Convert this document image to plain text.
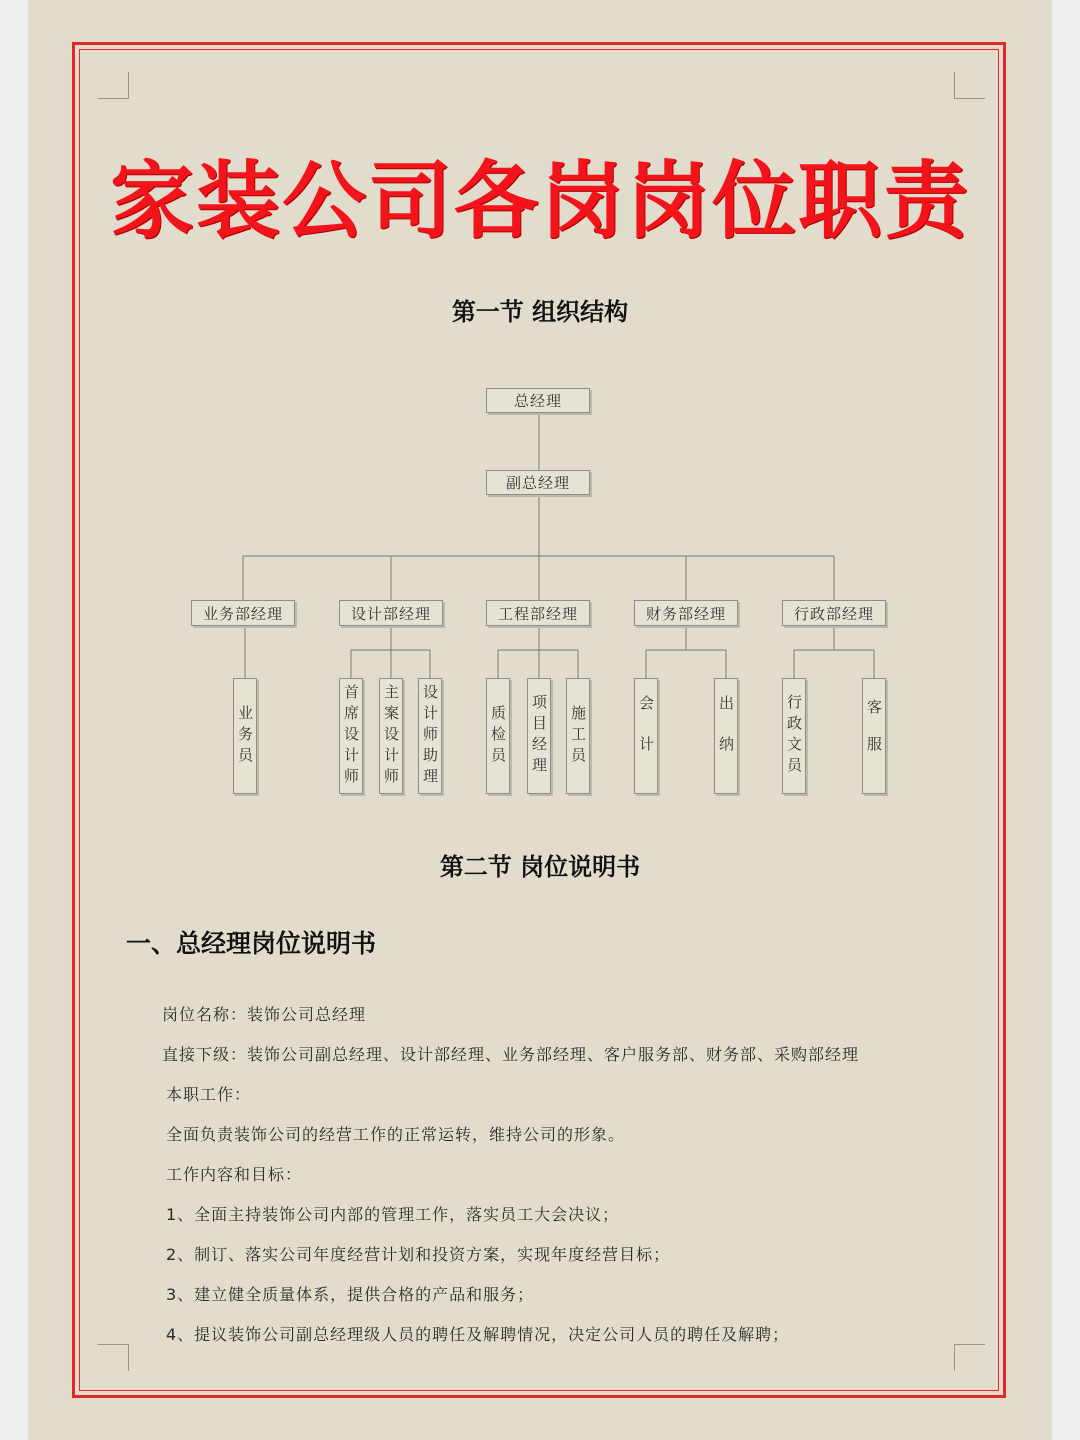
家装公司各岗岗位职责
第一节 组织结构
总经理
副总经理
业务部经理	设计部经理	工程部经理	财务部经理	行政部经理
业务员	首席设计师 主案设计师 设计师助理	质检员 项目经理 施工员	会计	出纳	行政文员	客服
第二节 岗位说明书
一、总经理岗位说明书
岗位名称：装饰公司总经理
直接下级：装饰公司副总经理、设计部经理、业务部经理、客户服务部、财务部、采购部经理
本职工作：
全面负责装饰公司的经营工作的正常运转，维持公司的形象。
工作内容和目标：
1、全面主持装饰公司内部的管理工作，落实员工大会决议；
2、制订、落实公司年度经营计划和投资方案，实现年度经营目标；
3、建立健全质量体系，提供合格的产品和服务；
4、提议装饰公司副总经理级人员的聘任及解聘情况，决定公司人员的聘任及解聘；
